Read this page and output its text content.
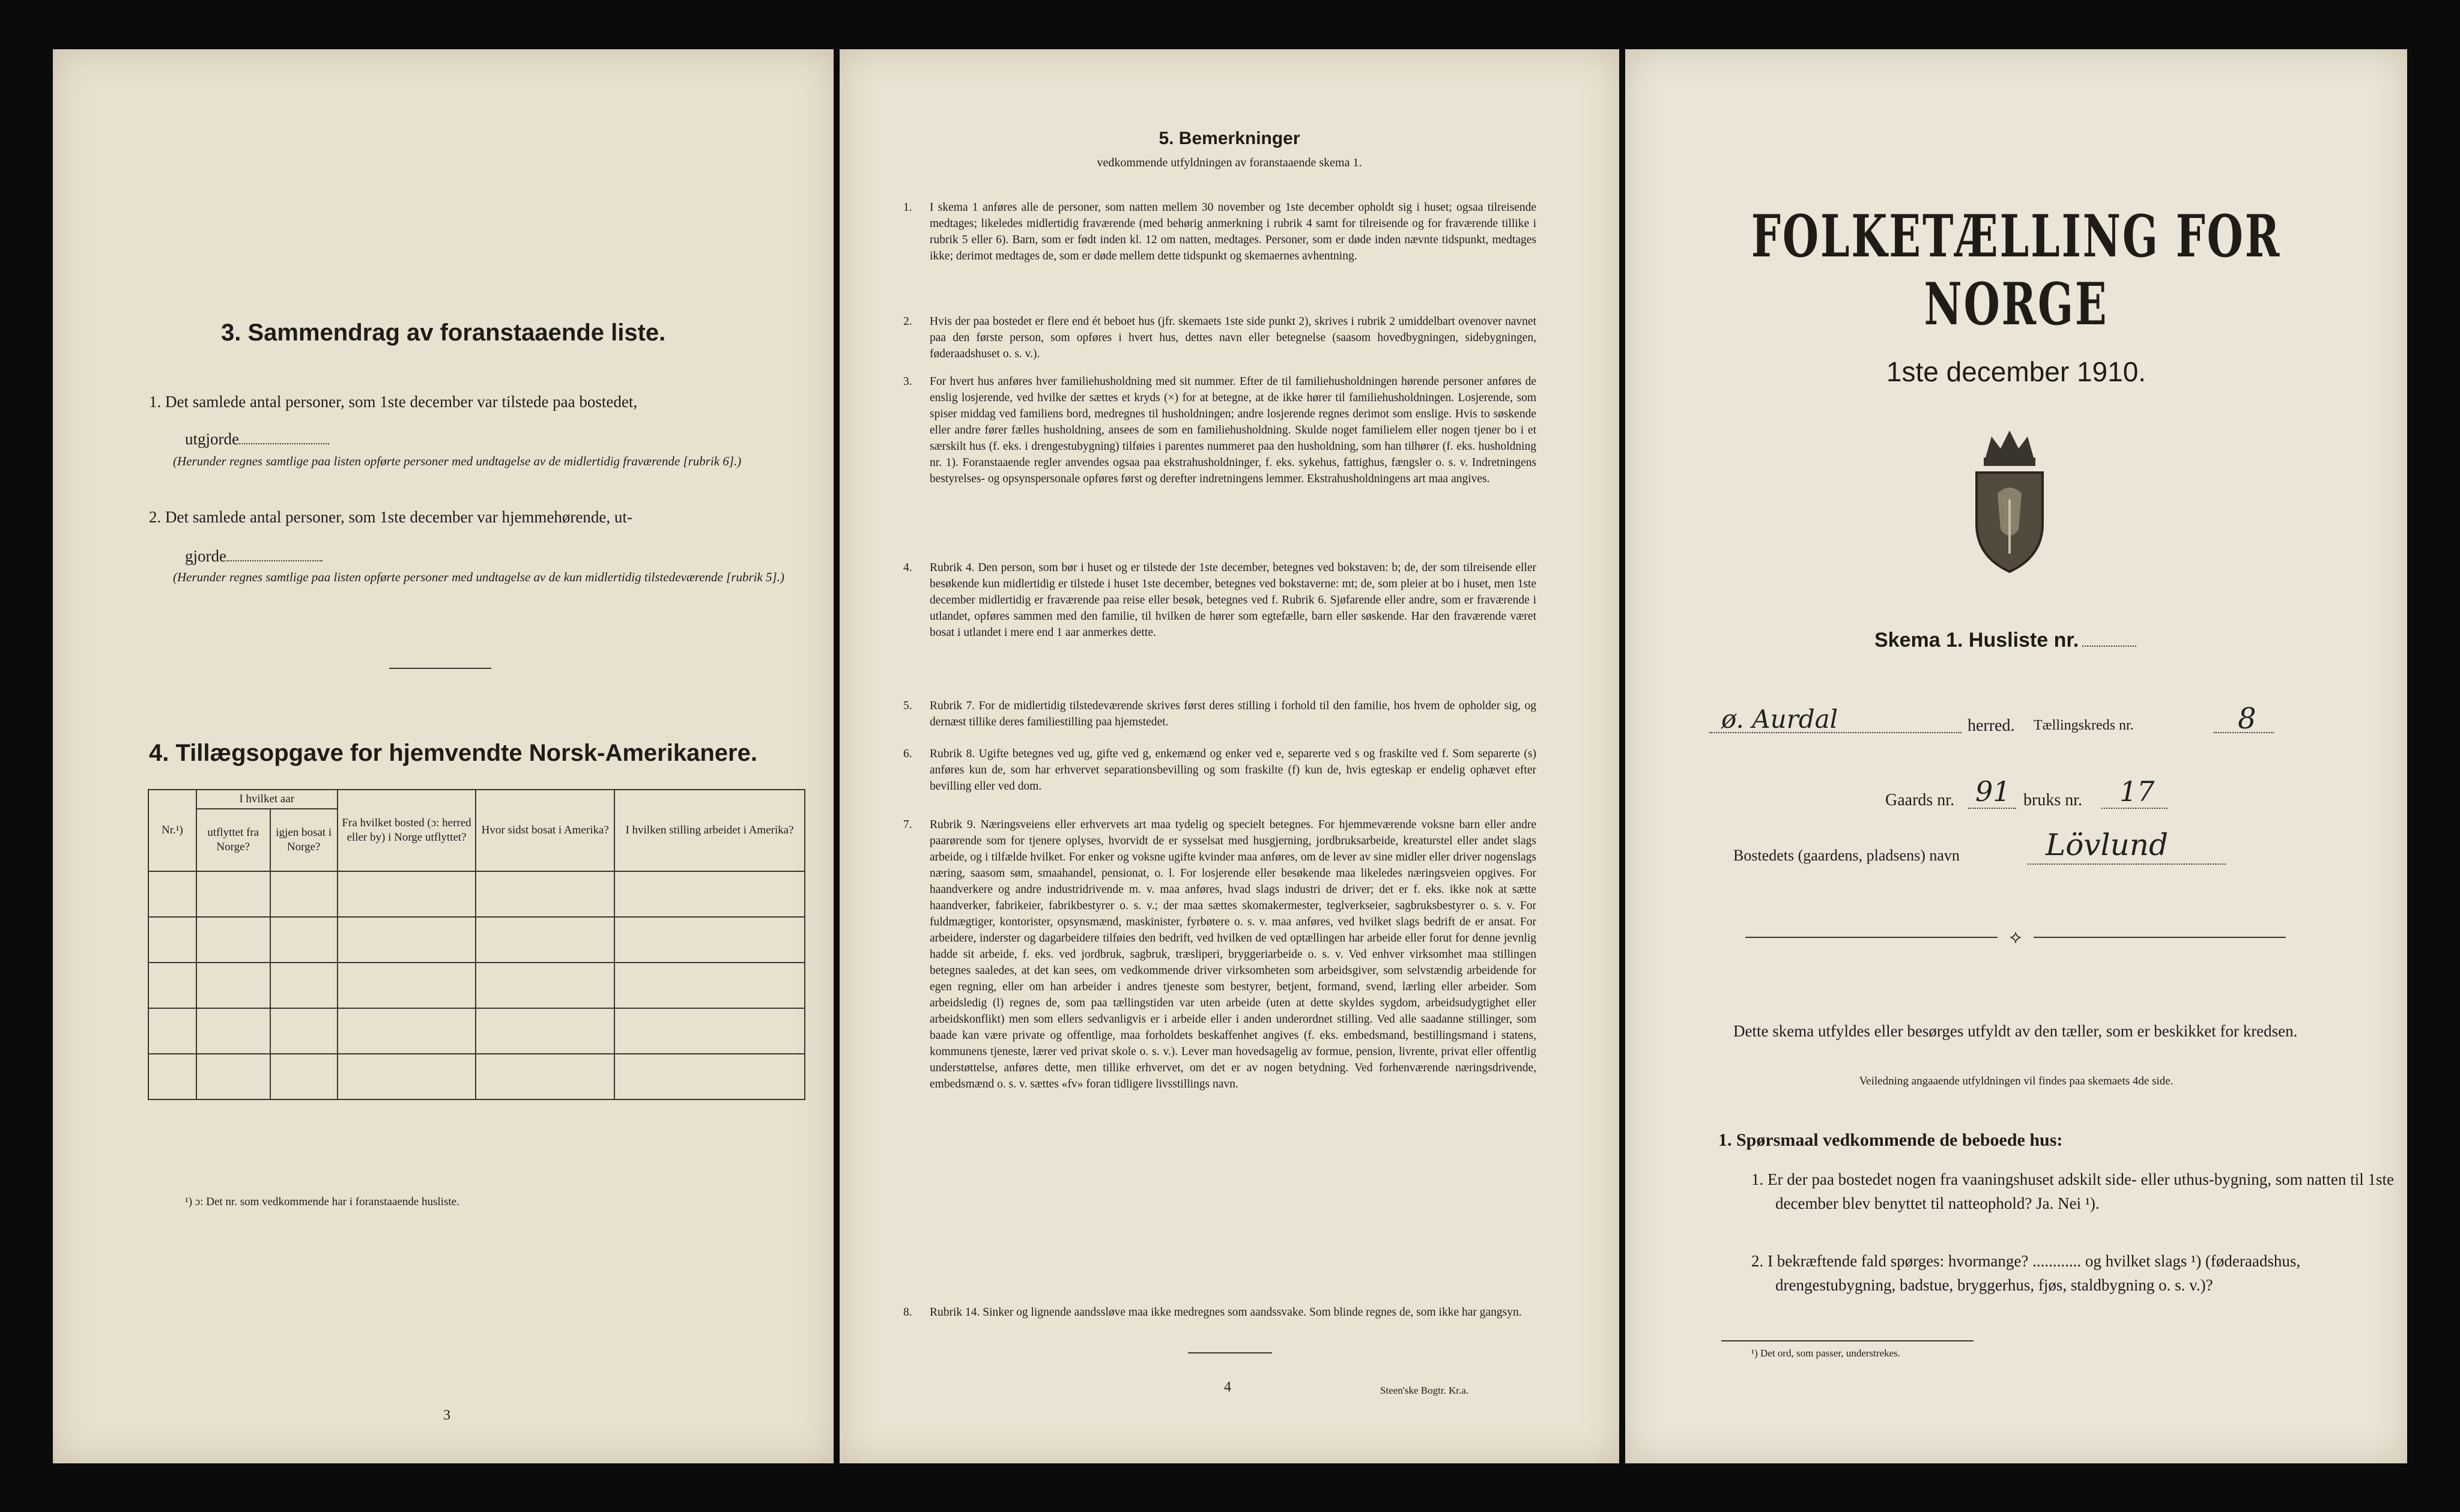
3. Sammendrag av foranstaaende liste.
1. Det samlede antal personer, som 1ste december var tilstede paa bostedet,
utgjorde
(Herunder regnes samtlige paa listen opførte personer med undtagelse av de midlertidig fraværende [rubrik 6].)
2. Det samlede antal personer, som 1ste december var hjemmehørende, ut-
gjorde
(Herunder regnes samtlige paa listen opførte personer med undtagelse av de kun midlertidig tilstedeværende [rubrik 5].)
4. Tillægsopgave for hjemvendte Norsk-Amerikanere.
Nr.¹)	I hvilket aar		Fra hvilket bosted (ɔ: herred eller by) i Norge utflyttet?	Hvor sidst bosat i Amerika?	I hvilken stilling arbeidet i Amerika?
	utflyttet fra Norge?	igjen bosat i Norge?			

¹) ɔ: Det nr. som vedkommende har i foranstaaende husliste.
3
5. Bemerkninger
vedkommende utfyldningen av foranstaaende skema 1.
1. I skema 1 anføres alle de personer, som natten mellem 30 november og 1ste december opholdt sig i huset; ogsaa tilreisende medtages; likeledes midlertidig fraværende (med behørig anmerkning i rubrik 4 samt for tilreisende og for fraværende tillike i rubrik 5 eller 6). Barn, som er født inden kl. 12 om natten, medtages. Personer, som er døde inden nævnte tidspunkt, medtages ikke; derimot medtages de, som er døde mellem dette tidspunkt og skemaernes avhentning.
2. Hvis der paa bostedet er flere end ét beboet hus (jfr. skemaets 1ste side punkt 2), skrives i rubrik 2 umiddelbart ovenover navnet paa den første person, som opføres i hvert hus, dettes navn eller betegnelse (saasom hovedbygningen, sidebygningen, føderaadshuset o. s. v.).
3. For hvert hus anføres hver familiehusholdning med sit nummer. Efter de til familiehusholdningen hørende personer anføres de enslig losjerende, ved hvilke der sættes et kryds (×) for at betegne, at de ikke hører til familiehusholdningen. Losjerende, som spiser middag ved familiens bord, medregnes til husholdningen; andre losjerende regnes derimot som enslige. Hvis to søskende eller andre fører fælles husholdning, ansees de som en familiehusholdning. Skulde noget familielem eller nogen tjener bo i et særskilt hus (f. eks. i drengestubygning) tilføies i parentes nummeret paa den husholdning, som han tilhører (f. eks. husholdning nr. 1). Foranstaaende regler anvendes ogsaa paa ekstrahusholdninger, f. eks. sykehus, fattighus, fængsler o. s. v. Indretningens bestyrelses- og opsynspersonale opføres først og derefter indretningens lemmer. Ekstrahusholdningens art maa angives.
4. Rubrik 4. Den person, som bør i huset og er tilstede der 1ste december, betegnes ved bokstaven: b; de, der som tilreisende eller besøkende kun midlertidig er tilstede i huset 1ste december, betegnes ved bokstaverne: mt; de, som pleier at bo i huset, men 1ste december midlertidig er fraværende paa reise eller besøk, betegnes ved f. Rubrik 6. Sjøfarende eller andre, som er fraværende i utlandet, opføres sammen med den familie, til hvilken de hører som egtefælle, barn eller søskende. Har den fraværende været bosat i utlandet i mere end 1 aar anmerkes dette.
5. Rubrik 7. For de midlertidig tilstedeværende skrives først deres stilling i forhold til den familie, hos hvem de opholder sig, og dernæst tillike deres familiestilling paa hjemstedet.
6. Rubrik 8. Ugifte betegnes ved ug, gifte ved g, enkemænd og enker ved e, separerte ved s og fraskilte ved f. Som separerte (s) anføres kun de, som har erhvervet separationsbevilling og som fraskilte (f) kun de, hvis egteskap er endelig ophævet efter bevilling eller ved dom.
7. Rubrik 9. Næringsveiens eller erhvervets art maa tydelig og specielt betegnes. For hjemmeværende voksne barn eller andre paarørende som for tjenere oplyses, hvorvidt de er sysselsat med husgjerning, jordbruksarbeide, kreaturstel eller andet slags arbeide, og i tilfælde hvilket. For enker og voksne ugifte kvinder maa anføres, om de lever av sine midler eller driver nogenslags næring, saasom søm, smaahandel, pensionat, o. l. For losjerende eller besøkende maa likeledes næringsveien opgives. For haandverkere og andre industridrivende m. v. maa anføres, hvad slags industri de driver; det er f. eks. ikke nok at sætte haandverker, fabrikeier, fabrikbestyrer o. s. v.; der maa sættes skomakermester, teglverkseier, sagbruksbestyrer o. s. v. For fuldmægtiger, kontorister, opsynsmænd, maskinister, fyrbøtere o. s. v. maa anføres, ved hvilket slags bedrift de er ansat. For arbeidere, inderster og dagarbeidere tilføies den bedrift, ved hvilken de ved optællingen har arbeide eller forut for denne jevnlig hadde sit arbeide, f. eks. ved jordbruk, sagbruk, træsliperi, bryggeriarbeide o. s. v. Ved enhver virksomhet maa stillingen betegnes saaledes, at det kan sees, om vedkommende driver virksomheten som arbeidsgiver, som selvstændig arbeidende for egen regning, eller om han arbeider i andres tjeneste som bestyrer, betjent, formand, svend, lærling eller arbeider. Som arbeidsledig (l) regnes de, som paa tællingstiden var uten arbeide (uten at dette skyldes sygdom, arbeidsudygtighet eller arbeidskonflikt) men som ellers sedvanligvis er i arbeide eller i anden underordnet stilling. Ved alle saadanne stillinger, som baade kan være private og offentlige, maa forholdets beskaffenhet angives (f. eks. embedsmand, bestillingsmand i statens, kommunens tjeneste, lærer ved privat skole o. s. v.). Lever man hovedsagelig av formue, pension, livrente, privat eller offentlig understøttelse, anføres dette, men tillike erhvervet, om det er av nogen betydning. Ved forhenværende næringsdrivende, embedsmænd o. s. v. sættes «fv» foran tidligere livsstillings navn.
8. Rubrik 14. Sinker og lignende aandssløve maa ikke medregnes som aandssvake. Som blinde regnes de, som ikke har gangsyn.
4	Steen'ske Bogtr. Kr.a.
FOLKETÆLLING FOR NORGE
1ste december 1910.
Skema 1. Husliste nr.
ø. Aurdal	herred. Tællingskreds nr.	8
Gaards nr. 91 bruks nr. 17
Bostedets (gaardens, pladsens) navn	Lövlund
⟡
Dette skema utfyldes eller besørges utfyldt av den tæller, som er beskikket for kredsen.
Veiledning angaaende utfyldningen vil findes paa skemaets 4de side.
1. Spørsmaal vedkommende de beboede hus:
1. Er der paa bostedet nogen fra vaaningshuset adskilt side- eller uthus-bygning, som natten til 1ste december blev benyttet til natteophold? Ja. Nei ¹).
2. I bekræftende fald spørges: hvormange? ............ og hvilket slags ¹) (føderaadshus, drengestubygning, badstue, bryggerhus, fjøs, staldbygning o. s. v.)?
¹) Det ord, som passer, understrekes.
